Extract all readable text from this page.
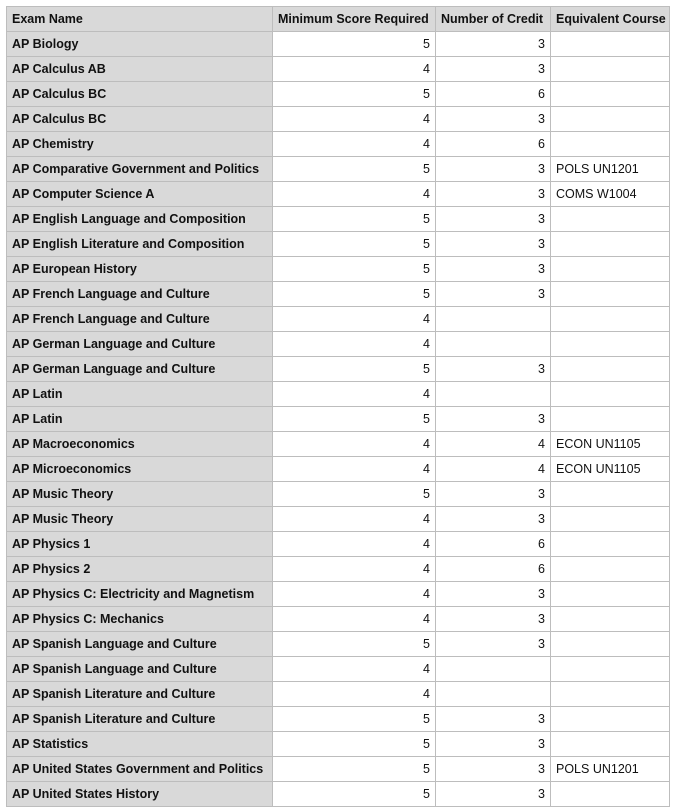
Exam Name	Minimum Score Required	Number of Credit	Equivalent Course
AP Biology	5	3	
AP Calculus AB	4	3	
AP Calculus BC	5	6	
AP Calculus BC	4	3	
AP Chemistry	4	6	
AP Comparative Government and Politics	5	3	POLS UN1201
AP Computer Science A	4	3	COMS W1004
AP English Language and Composition	5	3	
AP English Literature and Composition	5	3	
AP European History	5	3	
AP French Language and Culture	5	3	
AP French Language and Culture	4		
AP German Language and Culture	4		
AP German Language and Culture	5	3	
AP Latin	4		
AP Latin	5	3	
AP Macroeconomics	4	4	ECON UN1105
AP Microeconomics	4	4	ECON UN1105
AP Music Theory	5	3	
AP Music Theory	4	3	
AP Physics 1	4	6	
AP Physics 2	4	6	
AP Physics C: Electricity and Magnetism	4	3	
AP Physics C: Mechanics	4	3	
AP Spanish Language and Culture	5	3	
AP Spanish Language and Culture	4		
AP Spanish Literature and Culture	4		
AP Spanish Literature and Culture	5	3	
AP Statistics	5	3	
AP United States Government and Politics	5	3	POLS UN1201
AP United States History	5	3	
